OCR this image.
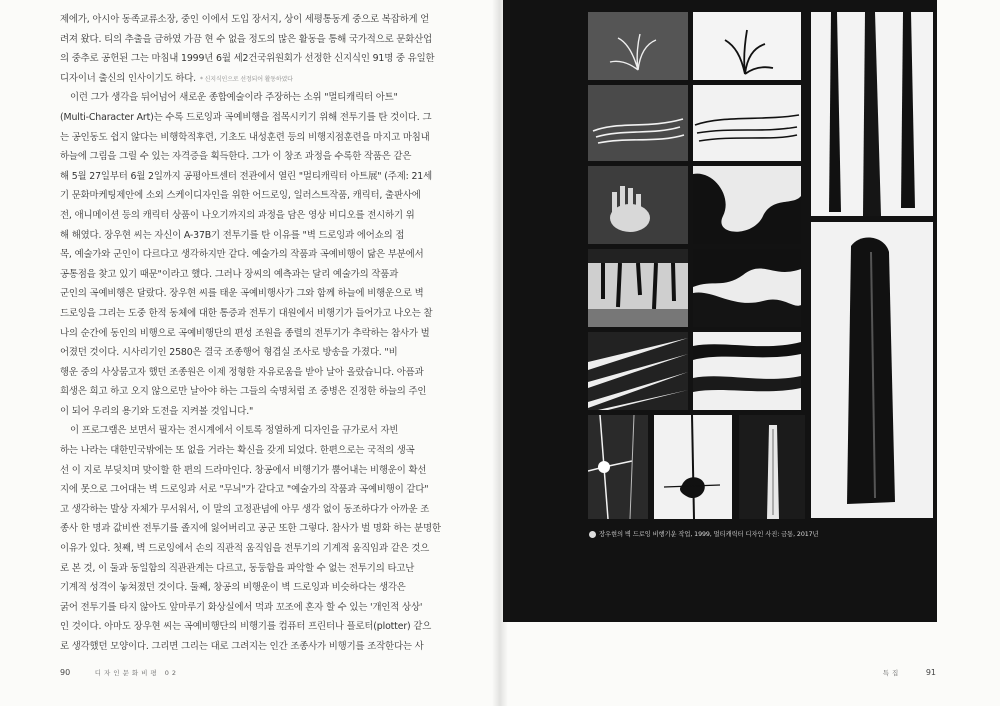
제에가, 아시아 동족교류소장, 중인 이에서 도입 장서지, 상이 세평통동게 중으로 복잡하게 얻
려져 왔다. 티의 추출을 금하였 가끔 현 수 없을 정도의 많은 활동을 통해 국가적으로 문화산업
의 중추로 공헌된 그는 마침내 1999년 6월 세2건국위원회가 선정한 신지식인 91명 중 유일한
디자이너 출신의 인사이기도 하다. * 신지식인으로 선정되어 활동하였다
이런 그가 생각을 뒤어넘어 새로운 종합예술이라 주장하는 소위 "멀티캐릭터 아트"
(Multi-Character Art)는 수록 드로잉과 곡예비행을 접목시키기 위해 전투기를 탄 것이다. 그
는 공인동도 쉽지 않다는 비행학적후련, 기초도 내성훈련 등의 비행지점훈련을 마지고 마침내
하늘에 그림을 그릴 수 있는 자격증을 획득한다. 그가 이 창조 과정을 수록한 작품은 같은
해 5월 27일부터 6월 2일까지 공평아트센터 전관에서 열린 "멀티캐릭터 아트展" (주제: 21세
기 문화마케팅제안에 소외 스케이디자인을 위한 어드로잉, 일러스트작품, 캐릭터, 출판사에
전, 애니메이션 등의 캐릭터 상품이 나오기까지의 과정을 담은 영상 비디오를 전시하기 위
해 해였다. 장우현 씨는 자신이 A-37B기 전투기를 탄 이유를 "벽 드로잉과 에어쇼의 접
목, 예술가와 군인이 다르다고 생각하지만 같다. 예술가의 작품과 곡예비행이 닮은 부분에서
공통점을 찾고 있기 때문"이라고 했다. 그러나 장씨의 예측과는 달리 예술가의 작품과
군인의 곡예비행은 달랐다. 장우현 씨를 태운 곡예비행사가 그와 함께 하늘에 비행운으로 벽
드로잉을 그리는 도중 한적 동체에 대한 통증과 전투기 대원에서 비행기가 들어가고 나오는 찰
나의 순간에 동인의 비행으로 곡예비행단의 편성 조원을 종렬의 전투기가 추락하는 참사가 벌
어졌던 것이다. 시사리기인 2580은 결국 조종행어 형겹실 조사로 방송을 가졌다. "비
행운 중의 사상뭄고자 했던 조종원은 이제 정형한 자유로움을 받아 날아 올랐습니다. 아픔과
희생은 희고 하고 오지 않으로만 날아야 하는 그들의 숙명처럼 조 중병은 진정한 하늘의 주인
이 되어 우리의 용기와 도전을 지켜볼 것입니다."
이 프로그램은 보면서 필자는 전시계에서 이토록 정열하게 디자인을 규가로서 자빈
하는 나라는 대한민국밖에는 또 없을 거라는 확신을 갖게 되었다. 한편으로는 국적의 생곡
선 이 지로 부딪치며 맞이할 한 편의 드라마인다. 창공에서 비행기가 뿜어내는 비행운이 확선
지에 못으로 그어대는 벽 드로잉과 서로 "무늬"가 같다고 "예술가의 작품과 곡예비행이 같다"
고 생각하는 발상 자체가 무서워서, 이 말의 고정관념에 아무 생각 없이 동조하다가 아까운 조
종사 한 명과 값비싼 전투기를 졸지에 잃어버리고 공군 또한 그렇다. 참사가 벌 명화 하는 분명한
이유가 있다. 첫째, 벽 드로잉에서 손의 직관적 움직임을 전투기의 기계적 움직임과 같은 것으
로 본 것, 이 둘과 동일함의 직관관계는 다르고, 동둥함을 파악할 수 없는 전투기의 타고난
기계적 성격이 놓쳐졌던 것이다. 둘째, 창공의 비행운이 벽 드로잉과 비슷하다는 생각은
굵어 전투기를 타지 않아도 앞마루기 화상실에서 먹과 꼬조에 혼자 할 수 있는 '개인적 상상'
인 것이다. 아마도 장우현 씨는 곡예비행단의 비행기를 컴퓨터 프린터나 플로터(plotter) 같으
로 생각했던 모양이다. 그리면 그리는 대로 그려지는 인간 조종사가 비행기를 조작한다는 사
90	디자인문화비평 02	특집	91
장우현의 벽 드로잉 비행기운 작업, 1999, 멀티캐릭터 디자인 사진: 금통, 2017년
